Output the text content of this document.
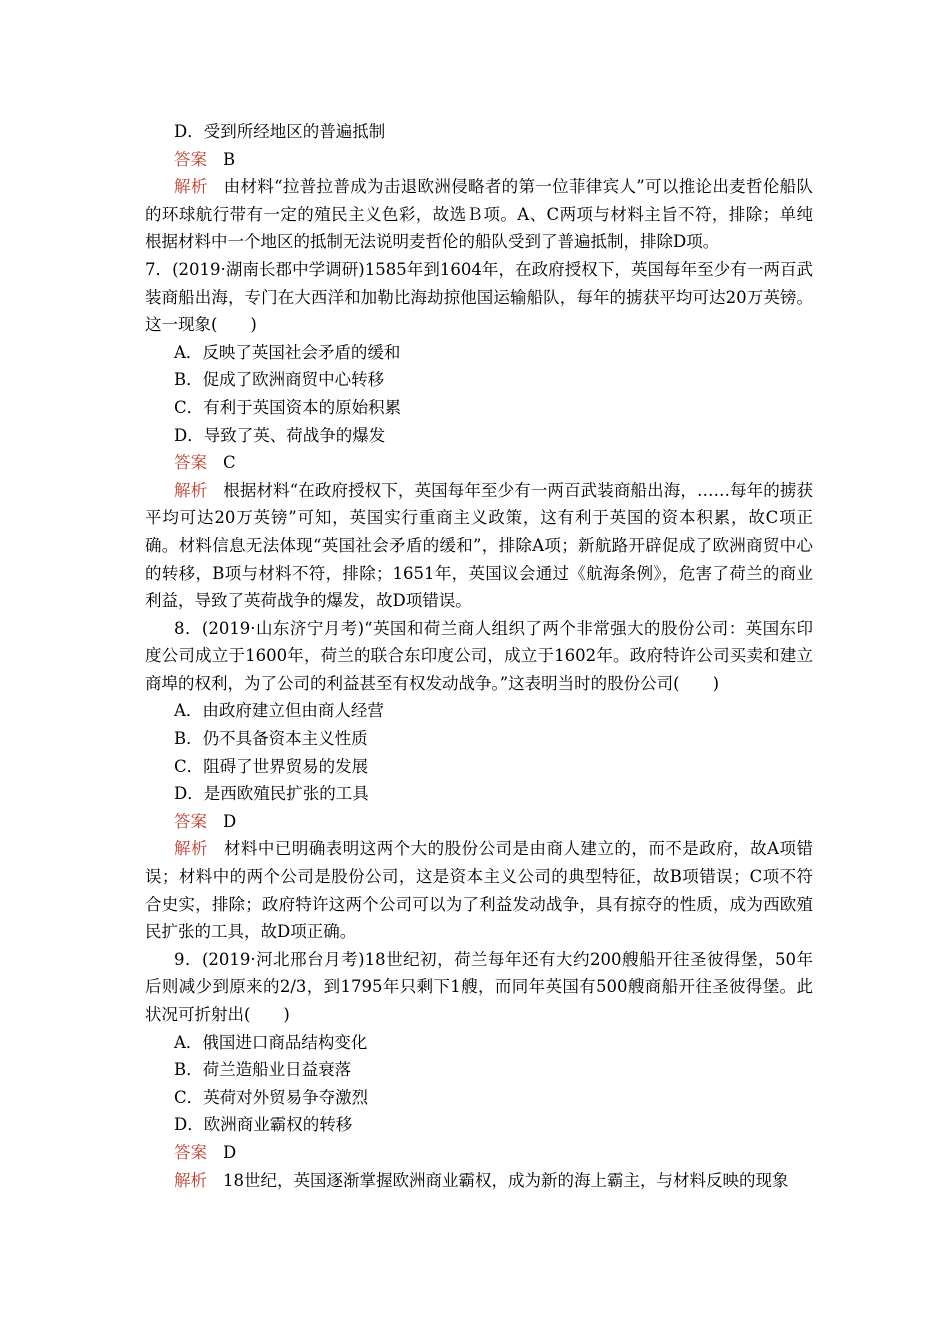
D．受到所经地区的普遍抵制
答案 B
解析 由材料“拉普拉普成为击退欧洲侵略者的第一位菲律宾人”可以推论出麦哲伦船队的环球航行带有一定的殖民主义色彩，故选Ｂ项。A、C两项与材料主旨不符，排除；单纯根据材料中一个地区的抵制无法说明麦哲伦的船队受到了普遍抵制，排除D项。
7．(2019·湖南长郡中学调研)1585年到1604年，在政府授权下，英国每年至少有一两百武装商船出海，专门在大西洋和加勒比海劫掠他国运输船队，每年的掳获平均可达20万英镑。这一现象(　　)
A．反映了英国社会矛盾的缓和
B．促成了欧洲商贸中心转移
C．有利于英国资本的原始积累
D．导致了英、荷战争的爆发
答案 C
解析 根据材料“在政府授权下，英国每年至少有一两百武装商船出海，……每年的掳获平均可达20万英镑”可知，英国实行重商主义政策，这有利于英国的资本积累，故C项正确。材料信息无法体现“英国社会矛盾的缓和”，排除A项；新航路开辟促成了欧洲商贸中心的转移，B项与材料不符，排除；1651年，英国议会通过《航海条例》，危害了荷兰的商业利益，导致了英荷战争的爆发，故D项错误。
8．(2019·山东济宁月考)“英国和荷兰商人组织了两个非常强大的股份公司：英国东印度公司成立于1600年，荷兰的联合东印度公司，成立于1602年。政府特许公司买卖和建立商埠的权利，为了公司的利益甚至有权发动战争。”这表明当时的股份公司(　　)
A．由政府建立但由商人经营
B．仍不具备资本主义性质
C．阻碍了世界贸易的发展
D．是西欧殖民扩张的工具
答案 D
解析 材料中已明确表明这两个大的股份公司是由商人建立的，而不是政府，故A项错误；材料中的两个公司是股份公司，这是资本主义公司的典型特征，故B项错误；C项不符合史实，排除；政府特许这两个公司可以为了利益发动战争，具有掠夺的性质，成为西欧殖民扩张的工具，故D项正确。
9．(2019·河北邢台月考)18世纪初，荷兰每年还有大约200艘船开往圣彼得堡，50年后则减少到原来的2/3，到1795年只剩下1艘，而同年英国有500艘商船开往圣彼得堡。此状况可折射出(　　)
A．俄国进口商品结构变化
B．荷兰造船业日益衰落
C．英荷对外贸易争夺激烈
D．欧洲商业霸权的转移
答案 D
解析 18世纪，英国逐渐掌握欧洲商业霸权，成为新的海上霸主，与材料反映的现象
